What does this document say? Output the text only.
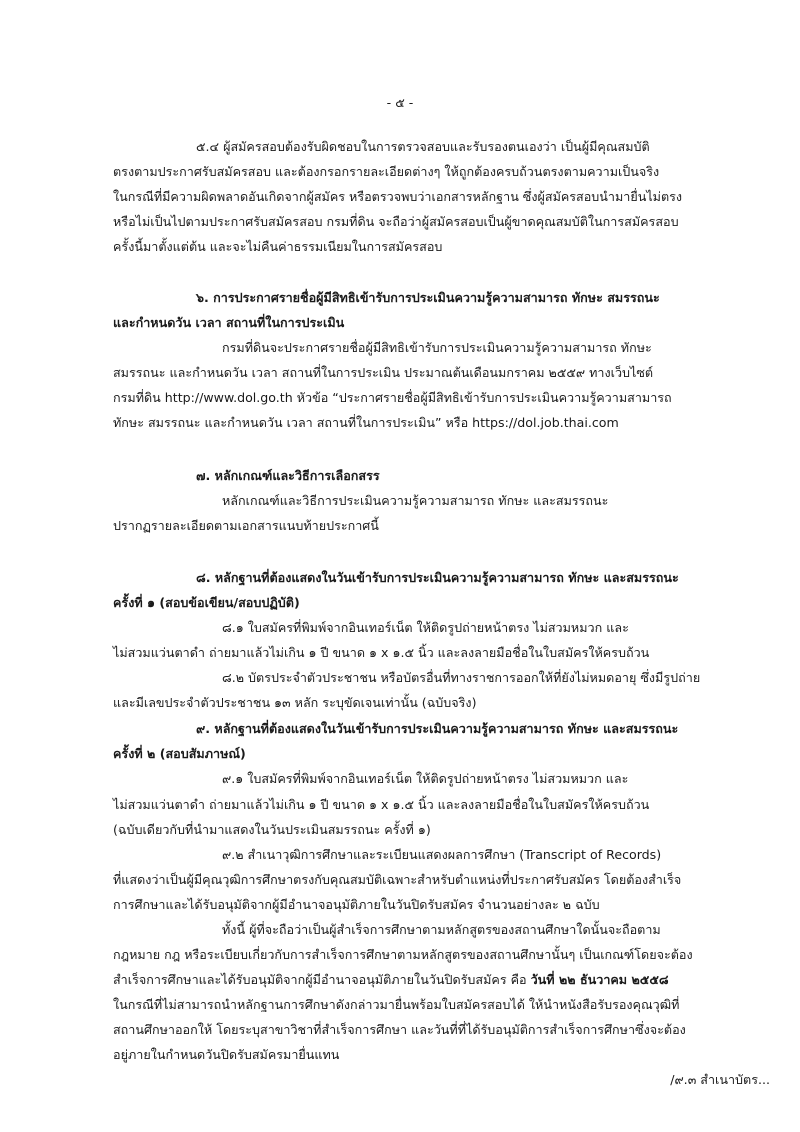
- ๕ -
๕.๔ ผู้สมัครสอบต้องรับผิดชอบในการตรวจสอบและรับรองตนเองว่า เป็นผู้มีคุณสมบัติ
ตรงตามประกาศรับสมัครสอบ และต้องกรอกรายละเอียดต่างๆ ให้ถูกต้องครบถ้วนตรงตามความเป็นจริง
ในกรณีที่มีความผิดพลาดอันเกิดจากผู้สมัคร หรือตรวจพบว่าเอกสารหลักฐาน ซึ่งผู้สมัครสอบนำมายื่นไม่ตรง
หรือไม่เป็นไปตามประกาศรับสมัครสอบ กรมที่ดิน จะถือว่าผู้สมัครสอบเป็นผู้ขาดคุณสมบัติในการสมัครสอบ
ครั้งนี้มาตั้งแต่ต้น และจะไม่คืนค่าธรรมเนียมในการสมัครสอบ
๖. การประกาศรายชื่อผู้มีสิทธิเข้ารับการประเมินความรู้ความสามารถ ทักษะ สมรรถนะ
และกำหนดวัน เวลา สถานที่ในการประเมิน
กรมที่ดินจะประกาศรายชื่อผู้มีสิทธิเข้ารับการประเมินความรู้ความสามารถ ทักษะ
สมรรถนะ และกำหนดวัน เวลา สถานที่ในการประเมิน ประมาณต้นเดือนมกราคม ๒๕๕๙ ทางเว็บไซต์
กรมที่ดิน http://www.dol.go.th หัวข้อ “ประกาศรายชื่อผู้มีสิทธิเข้ารับการประเมินความรู้ความสามารถ
ทักษะ สมรรถนะ และกำหนดวัน เวลา สถานที่ในการประเมิน” หรือ https://dol.job.thai.com
๗. หลักเกณฑ์และวิธีการเลือกสรร
หลักเกณฑ์และวิธีการประเมินความรู้ความสามารถ ทักษะ และสมรรถนะ
ปรากฏรายละเอียดตามเอกสารแนบท้ายประกาศนี้
๘. หลักฐานที่ต้องแสดงในวันเข้ารับการประเมินความรู้ความสามารถ ทักษะ และสมรรถนะ
ครั้งที่ ๑ (สอบข้อเขียน/สอบปฏิบัติ)
๘.๑ ใบสมัครที่พิมพ์จากอินเทอร์เน็ต ให้ติดรูปถ่ายหน้าตรง ไม่สวมหมวก และ
ไม่สวมแว่นตาดำ ถ่ายมาแล้วไม่เกิน ๑ ปี ขนาด ๑ x ๑.๕ นิ้ว และลงลายมือชื่อในใบสมัครให้ครบถ้วน
๘.๒ บัตรประจำตัวประชาชน หรือบัตรอื่นที่ทางราชการออกให้ที่ยังไม่หมดอายุ ซึ่งมีรูปถ่าย
และมีเลขประจำตัวประชาชน ๑๓ หลัก ระบุขัดเจนเท่านั้น (ฉบับจริง)
๙. หลักฐานที่ต้องแสดงในวันเข้ารับการประเมินความรู้ความสามารถ ทักษะ และสมรรถนะ
ครั้งที่ ๒ (สอบสัมภาษณ์)
๙.๑ ใบสมัครที่พิมพ์จากอินเทอร์เน็ต ให้ติดรูปถ่ายหน้าตรง ไม่สวมหมวก และ
ไม่สวมแว่นตาดำ ถ่ายมาแล้วไม่เกิน ๑ ปี ขนาด ๑ x ๑.๕ นิ้ว และลงลายมือชื่อในใบสมัครให้ครบถ้วน
(ฉบับเดียวกับที่นำมาแสดงในวันประเมินสมรรถนะ ครั้งที่ ๑)
๙.๒ สำเนาวุฒิการศึกษาและระเบียนแสดงผลการศึกษา (Transcript of Records)
ที่แสดงว่าเป็นผู้มีคุณวุฒิการศึกษาตรงกับคุณสมบัติเฉพาะสำหรับตำแหน่งที่ประกาศรับสมัคร โดยต้องสำเร็จ
การศึกษาและได้รับอนุมัติจากผู้มีอำนาจอนุมัติภายในวันปิดรับสมัคร จำนวนอย่างละ ๒ ฉบับ
ทั้งนี้ ผู้ที่จะถือว่าเป็นผู้สำเร็จการศึกษาตามหลักสูตรของสถานศึกษาใดนั้นจะถือตาม
กฎหมาย กฎ หรือระเบียบเกี่ยวกับการสำเร็จการศึกษาตามหลักสูตรของสถานศึกษานั้นๆ เป็นเกณฑ์โดยจะต้อง
สำเร็จการศึกษาและได้รับอนุมัติจากผู้มีอำนาจอนุมัติภายในวันปิดรับสมัคร คือ วันที่ ๒๒ ธันวาคม ๒๕๕๘
ในกรณีที่ไม่สามารถนำหลักฐานการศึกษาดังกล่าวมายื่นพร้อมใบสมัครสอบได้ ให้นำหนังสือรับรองคุณวุฒิที่
สถานศึกษาออกให้ โดยระบุสาขาวิชาที่สำเร็จการศึกษา และวันที่ที่ได้รับอนุมัติการสำเร็จการศึกษาซึ่งจะต้อง
อยู่ภายในกำหนดวันปิดรับสมัครมายื่นแทน
/๙.๓ สำเนาบัตร...
